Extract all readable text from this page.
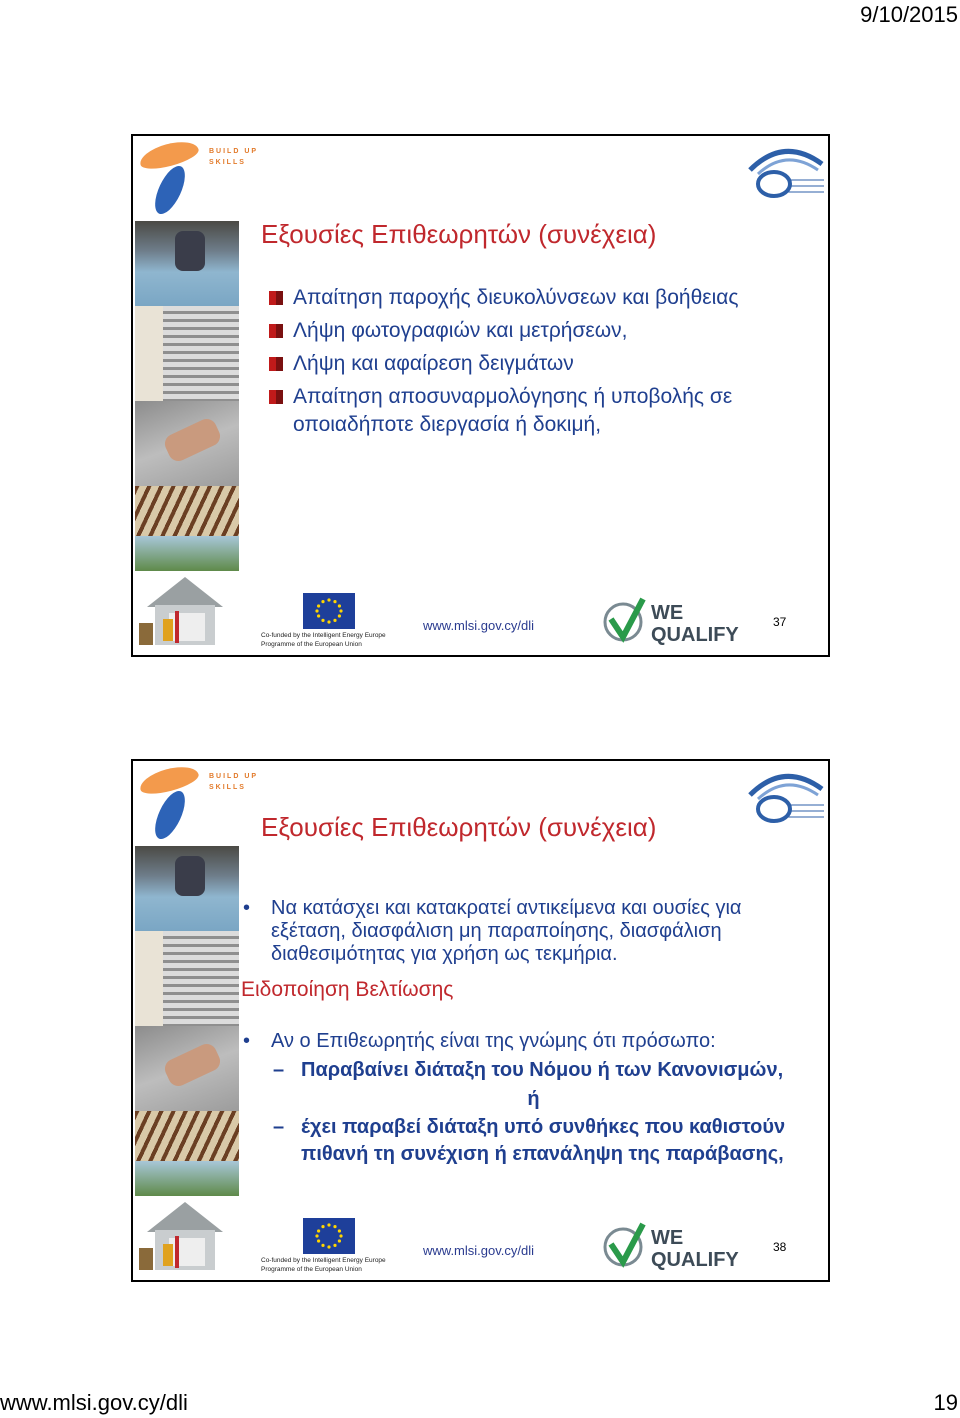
9/10/2015
BUILD UP
SKILLS
Εξουσίες Επιθεωρητών (συνέχεια)
Απαίτηση παροχής διευκολύνσεων και βοήθειας
Λήψη φωτογραφιών και μετρήσεων,
Λήψη και αφαίρεση δειγμάτων
Απαίτηση αποσυναρμολόγησης ή υποβολής σε
οποιαδήποτε διεργασία ή δοκιμή,
Co-funded by the Intelligent Energy Europe
Programme of the European Union
www.mlsi.gov.cy/dli
WE
QUALIFY
37
BUILD UP
SKILLS
Εξουσίες Επιθεωρητών (συνέχεια)
• Να κατάσχει και κατακρατεί αντικείμενα και ουσίες για
εξέταση, διασφάλιση μη παραποίησης, διασφάλιση
διαθεσιμότητας για χρήση ως τεκμήρια.
Ειδοποίηση Βελτίωσης
• Αν ο Επιθεωρητής είναι της γνώμης ότι πρόσωπο:
– Παραβαίνει διάταξη του Νόμου ή των Κανονισμών,
ή
– έχει παραβεί διάταξη υπό συνθήκες που καθιστούν
πιθανή τη συνέχιση ή επανάληψη της παράβασης,
Co-funded by the Intelligent Energy Europe
Programme of the European Union
www.mlsi.gov.cy/dli
WE
QUALIFY
38
www.mlsi.gov.cy/dli	19
